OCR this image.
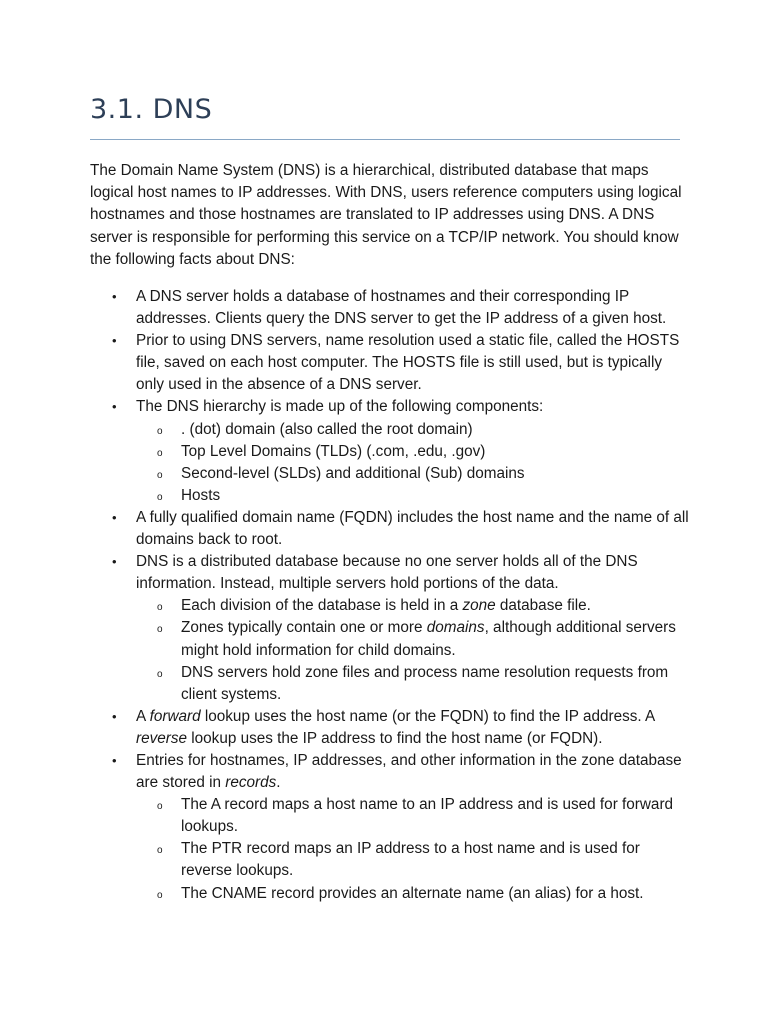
3.1. DNS

The Domain Name System (DNS) is a hierarchical, distributed database that maps logical host names to IP addresses. With DNS, users reference computers using logical hostnames and those hostnames are translated to IP addresses using DNS. A DNS server is responsible for performing this service on a TCP/IP network. You should know the following facts about DNS:

• A DNS server holds a database of hostnames and their corresponding IP addresses. Clients query the DNS server to get the IP address of a given host.
• Prior to using DNS servers, name resolution used a static file, called the HOSTS file, saved on each host computer. The HOSTS file is still used, but is typically only used in the absence of a DNS server.
• The DNS hierarchy is made up of the following components:
o . (dot) domain (also called the root domain)
o Top Level Domains (TLDs) (.com, .edu, .gov)
o Second-level (SLDs) and additional (Sub) domains
o Hosts
• A fully qualified domain name (FQDN) includes the host name and the name of all domains back to root.
• DNS is a distributed database because no one server holds all of the DNS information. Instead, multiple servers hold portions of the data.
o Each division of the database is held in a zone database file.
o Zones typically contain one or more domains, although additional servers might hold information for child domains.
o DNS servers hold zone files and process name resolution requests from client systems.
• A forward lookup uses the host name (or the FQDN) to find the IP address. A reverse lookup uses the IP address to find the host name (or FQDN).
• Entries for hostnames, IP addresses, and other information in the zone database are stored in records.
o The A record maps a host name to an IP address and is used for forward lookups.
o The PTR record maps an IP address to a host name and is used for reverse lookups.
o The CNAME record provides an alternate name (an alias) for a host.
